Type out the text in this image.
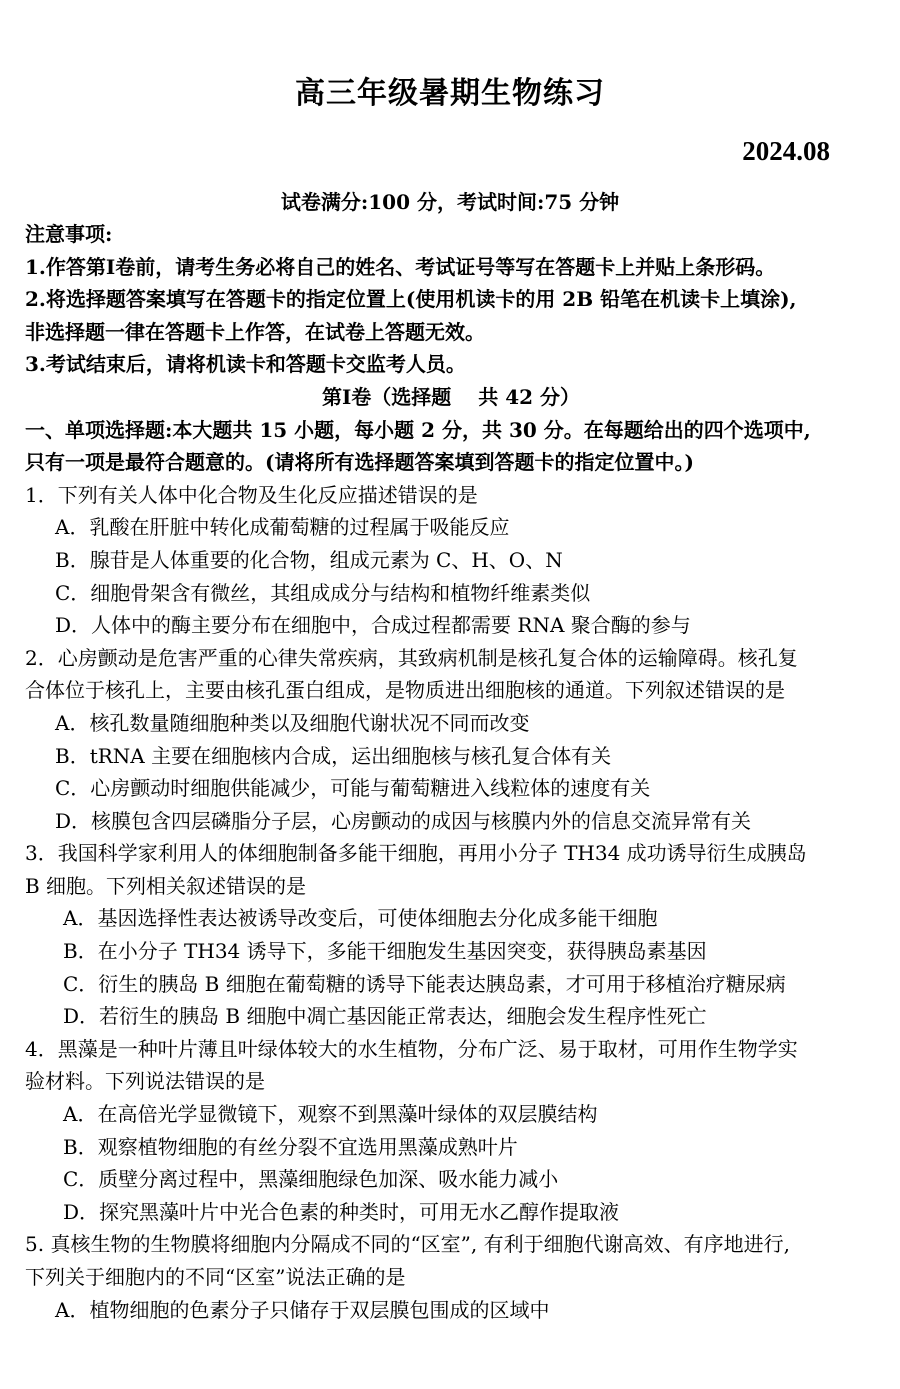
高三年级暑期生物练习
2024.08
试卷满分:100 分，考试时间:75 分钟
注意事项:
1.作答第Ⅰ卷前，请考生务必将自己的姓名、考试证号等写在答题卡上并贴上条形码。
2.将选择题答案填写在答题卡的指定位置上(使用机读卡的用 2B 铅笔在机读卡上填涂),
非选择题一律在答题卡上作答，在试卷上答题无效。
3.考试结束后，请将机读卡和答题卡交监考人员。
第Ⅰ卷（选择题　 共 42 分）
一、单项选择题:本大题共 15 小题，每小题 2 分，共 30 分。在每题给出的四个选项中,
只有一项是最符合题意的。(请将所有选择题答案填到答题卡的指定位置中。)
1．下列有关人体中化合物及生化反应描述错误的是
A．乳酸在肝脏中转化成葡萄糖的过程属于吸能反应
B．腺苷是人体重要的化合物，组成元素为 C、H、O、N
C．细胞骨架含有微丝，其组成成分与结构和植物纤维素类似
D．人体中的酶主要分布在细胞中，合成过程都需要 RNA 聚合酶的参与
2．心房颤动是危害严重的心律失常疾病，其致病机制是核孔复合体的运输障碍。核孔复
合体位于核孔上，主要由核孔蛋白组成，是物质进出细胞核的通道。下列叙述错误的是
A．核孔数量随细胞种类以及细胞代谢状况不同而改变
B．tRNA 主要在细胞核内合成，运出细胞核与核孔复合体有关
C．心房颤动时细胞供能减少，可能与葡萄糖进入线粒体的速度有关
D．核膜包含四层磷脂分子层，心房颤动的成因与核膜内外的信息交流异常有关
3．我国科学家利用人的体细胞制备多能干细胞，再用小分子 TH34 成功诱导衍生成胰岛
B 细胞。下列相关叙述错误的是
A．基因选择性表达被诱导改变后，可使体细胞去分化成多能干细胞
B．在小分子 TH34 诱导下，多能干细胞发生基因突变，获得胰岛素基因
C．衍生的胰岛 B 细胞在葡萄糖的诱导下能表达胰岛素，才可用于移植治疗糖尿病
D．若衍生的胰岛 B 细胞中凋亡基因能正常表达，细胞会发生程序性死亡
4．黑藻是一种叶片薄且叶绿体较大的水生植物，分布广泛、易于取材，可用作生物学实
验材料。下列说法错误的是
A．在高倍光学显微镜下，观察不到黑藻叶绿体的双层膜结构
B．观察植物细胞的有丝分裂不宜选用黑藻成熟叶片
C．质壁分离过程中，黑藻细胞绿色加深、吸水能力减小
D．探究黑藻叶片中光合色素的种类时，可用无水乙醇作提取液
5. 真核生物的生物膜将细胞内分隔成不同的“区室”, 有利于细胞代谢高效、有序地进行,
下列关于细胞内的不同“区室”说法正确的是
A．植物细胞的色素分子只储存于双层膜包围成的区域中
